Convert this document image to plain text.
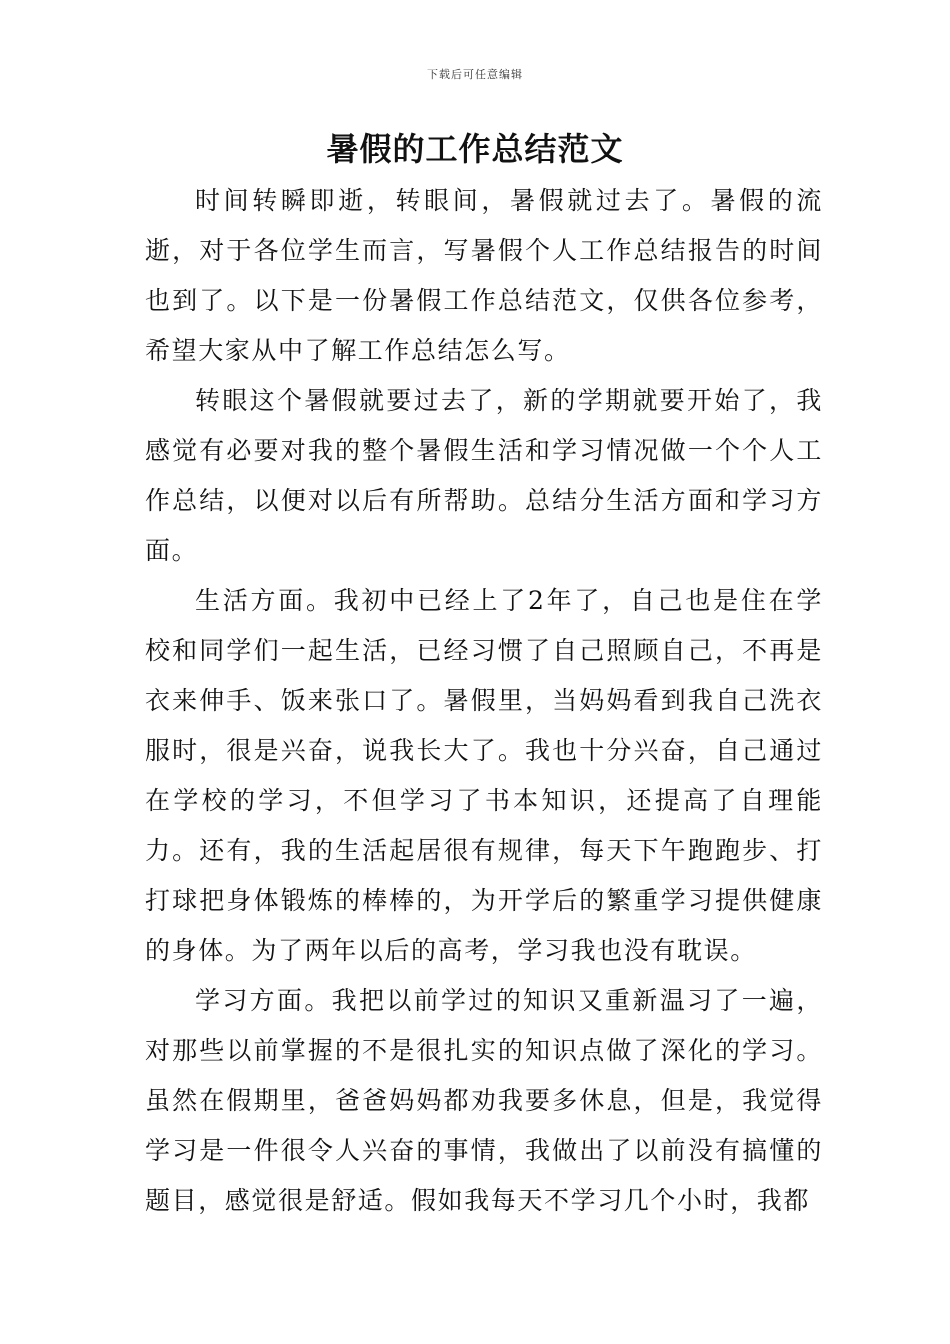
下载后可任意编辑
暑假的工作总结范文

时间转瞬即逝，转眼间，暑假就过去了。暑假的流逝，对于各位学生而言，写暑假个人工作总结报告的时间也到了。以下是一份暑假工作总结范文，仅供各位参考，希望大家从中了解工作总结怎么写。

转眼这个暑假就要过去了，新的学期就要开始了，我感觉有必要对我的整个暑假生活和学习情况做一个个人工作总结，以便对以后有所帮助。总结分生活方面和学习方面。

生活方面。我初中已经上了2年了，自己也是住在学校和同学们一起生活，已经习惯了自己照顾自己，不再是衣来伸手、饭来张口了。暑假里，当妈妈看到我自己洗衣服时，很是兴奋，说我长大了。我也十分兴奋，自己通过在学校的学习，不但学习了书本知识，还提高了自理能力。还有，我的生活起居很有规律，每天下午跑跑步、打打球把身体锻炼的棒棒的，为开学后的繁重学习提供健康的身体。为了两年以后的高考，学习我也没有耽误。

学习方面。我把以前学过的知识又重新温习了一遍，对那些以前掌握的不是很扎实的知识点做了深化的学习。虽然在假期里，爸爸妈妈都劝我要多休息，但是，我觉得学习是一件很令人兴奋的事情，我做出了以前没有搞懂的题目，感觉很是舒适。假如我每天不学习几个小时，我都
